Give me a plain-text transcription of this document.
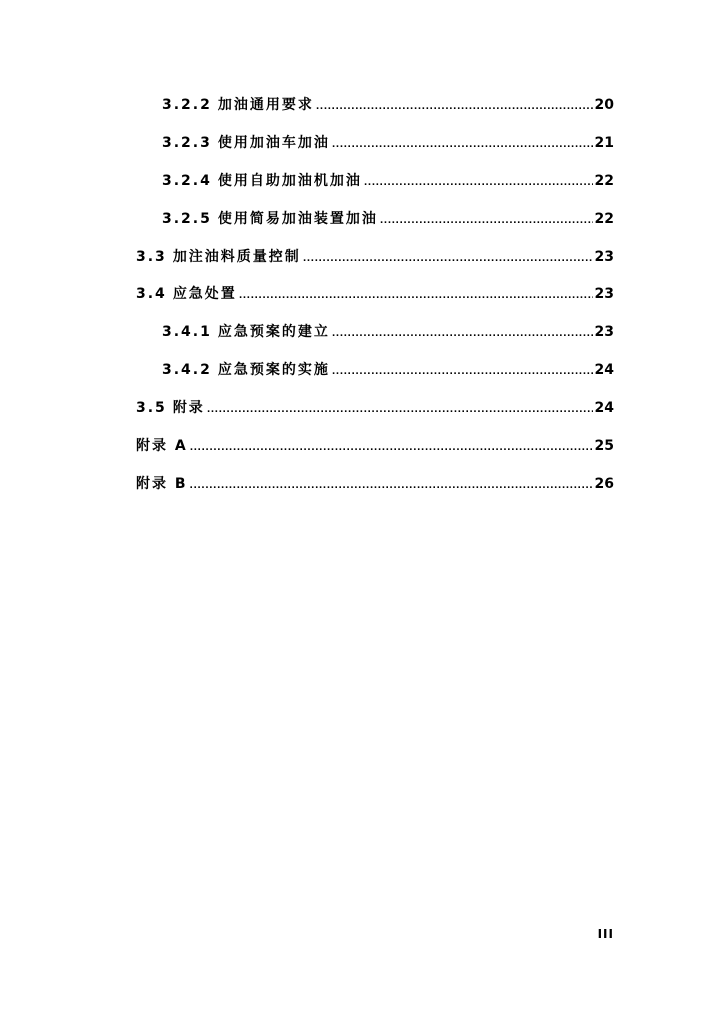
3.2.2 加油通用要求 .....	20
3.2.3 使用加油车加油 .....	21
3.2.4 使用自助加油机加油 .....	22
3.2.5 使用简易加油装置加油 .....	22
3.3 加注油料质量控制 .....	23
3.4 应急处置 .....	23
3.4.1 应急预案的建立 .....	23
3.4.2 应急预案的实施 .....	24
3.5 附录 .....	24
附录 A .....	25
附录 B .....	26
III
